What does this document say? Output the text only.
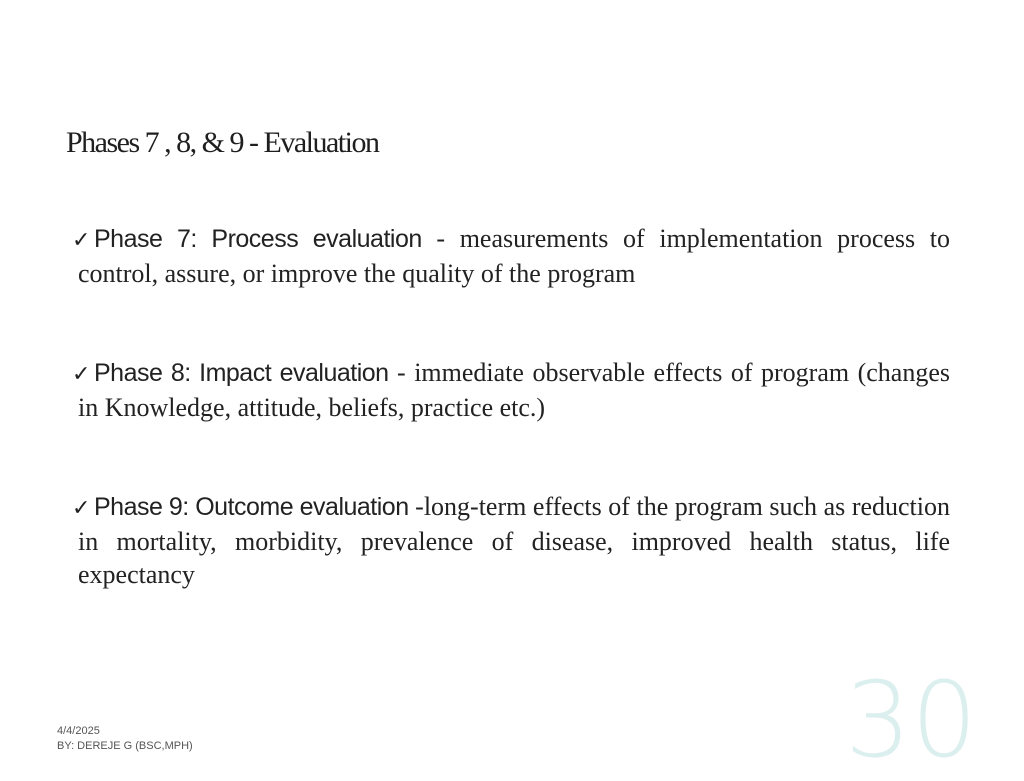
Phases 7 , 8, & 9 - Evaluation
✓ Phase 7: Process evaluation - measurements of implementation process to control, assure, or improve the quality of the program
✓ Phase 8: Impact evaluation - immediate observable effects of program (changes in Knowledge, attitude, beliefs, practice etc.)
✓ Phase 9: Outcome evaluation -long-term effects of the program such as reduction in mortality, morbidity, prevalence of disease, improved health status, life expectancy
4/4/2025
BY: DEREJE G (BSC,MPH)	30
